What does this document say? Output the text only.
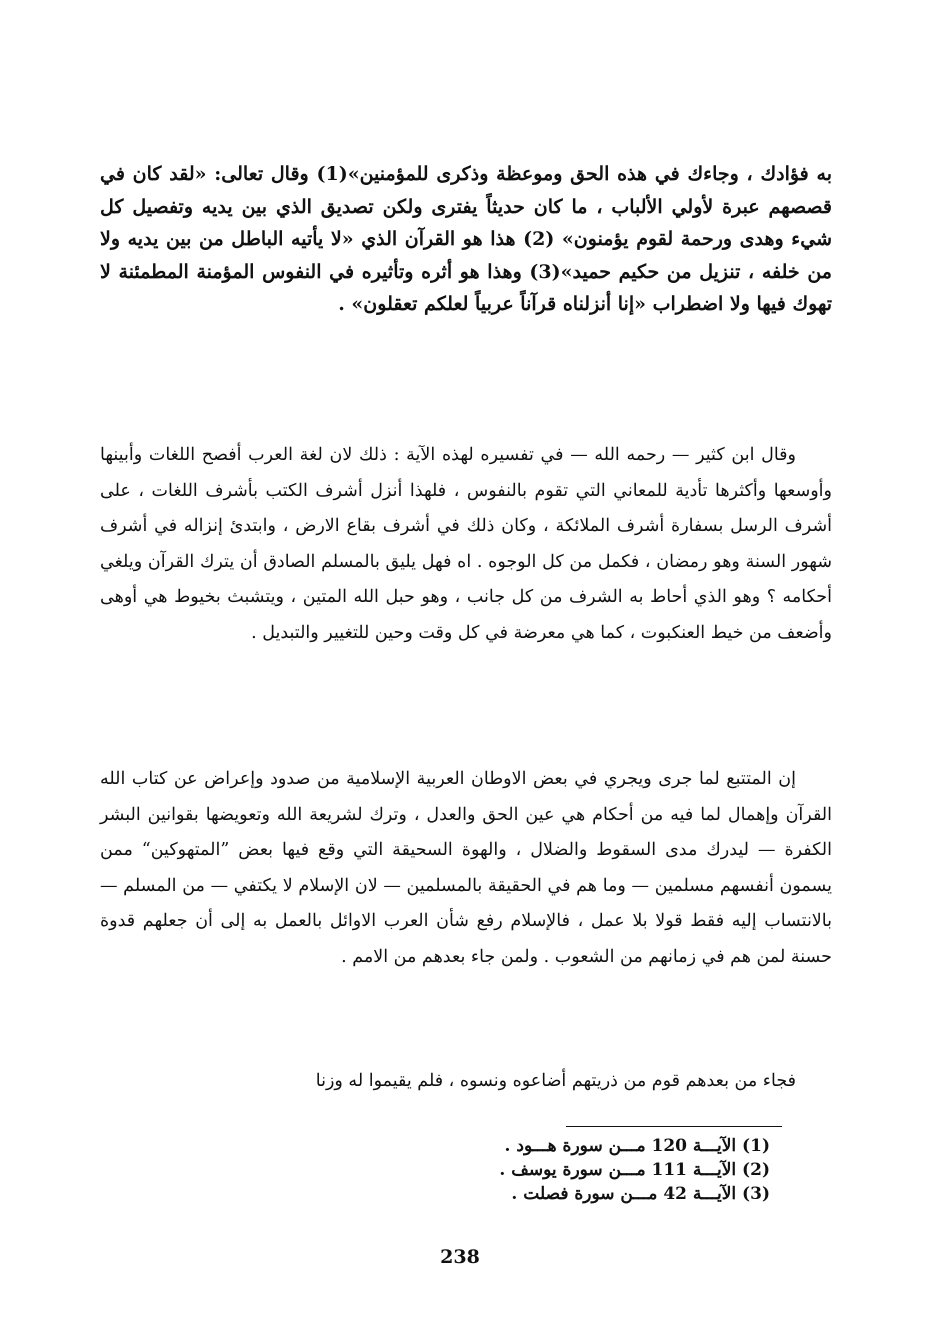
به فؤادك ، وجاءك في هذه الحق وموعظة وذكرى للمؤمنين»(1) وقال تعالى: «لقد كان في قصصهم عبرة لأولي الألباب ، ما كان حديثاً يفترى ولكن تصديق الذي بين يديه وتفصيل كل شيء وهدى ورحمة لقوم يؤمنون» (2) هذا هو القرآن الذي «لا يأتيه الباطل من بين يديه ولا من خلفه ، تنزيل من حكيم حميد»(3) وهذا هو أثره وتأثيره في النفوس المؤمنة المطمئنة لا تهوك فيها ولا اضطراب «إنا أنزلناه قرآناً عربياً لعلكم تعقلون» .

وقال ابن كثير — رحمه الله — في تفسيره لهذه الآية : ذلك لان لغة العرب أفصح اللغات وأبينها وأوسعها وأكثرها تأدية للمعاني التي تقوم بالنفوس ، فلهذا أنزل أشرف الكتب بأشرف اللغات ، على أشرف الرسل بسفارة أشرف الملائكة ، وكان ذلك في أشرف بقاع الارض ، وابتدئ إنزاله في أشرف شهور السنة وهو رمضان ، فكمل من كل الوجوه . اه فهل يليق بالمسلم الصادق أن يترك القرآن ويلغي أحكامه ؟ وهو الذي أحاط به الشرف من كل جانب ، وهو حبل الله المتين ، ويتشبث بخيوط هي أوهى وأضعف من خيط العنكبوت ، كما هي معرضة في كل وقت وحين للتغيير والتبديل .

إن المتتبع لما جرى ويجري في بعض الاوطان العربية الإسلامية من صدود وإعراض عن كتاب الله القرآن وإهمال لما فيه من أحكام هي عين الحق والعدل ، وترك لشريعة الله وتعويضها بقوانين البشر الكفرة — ليدرك مدى السقوط والضلال ، والهوة السحيقة التي وقع فيها بعض ”المتهوكين“ ممن يسمون أنفسهم مسلمين — وما هم في الحقيقة بالمسلمين — لان الإسلام لا يكتفي — من المسلم — بالانتساب إليه فقط قولا بلا عمل ، فالإسلام رفع شأن العرب الاوائل بالعمل به إلى أن جعلهم قدوة حسنة لمن هم في زمانهم من الشعوب . ولمن جاء بعدهم من الامم .

فجاء من بعدهم قوم من ذريتهم أضاعوه ونسوه ، فلم يقيموا له وزنا

(1) الآيـــة 120 مـــن سورة هـــود .
(2) الآيـــة 111 مـــن سورة يوسف .
(3) الآيـــة 42 مـــن سورة فصلت .
238
